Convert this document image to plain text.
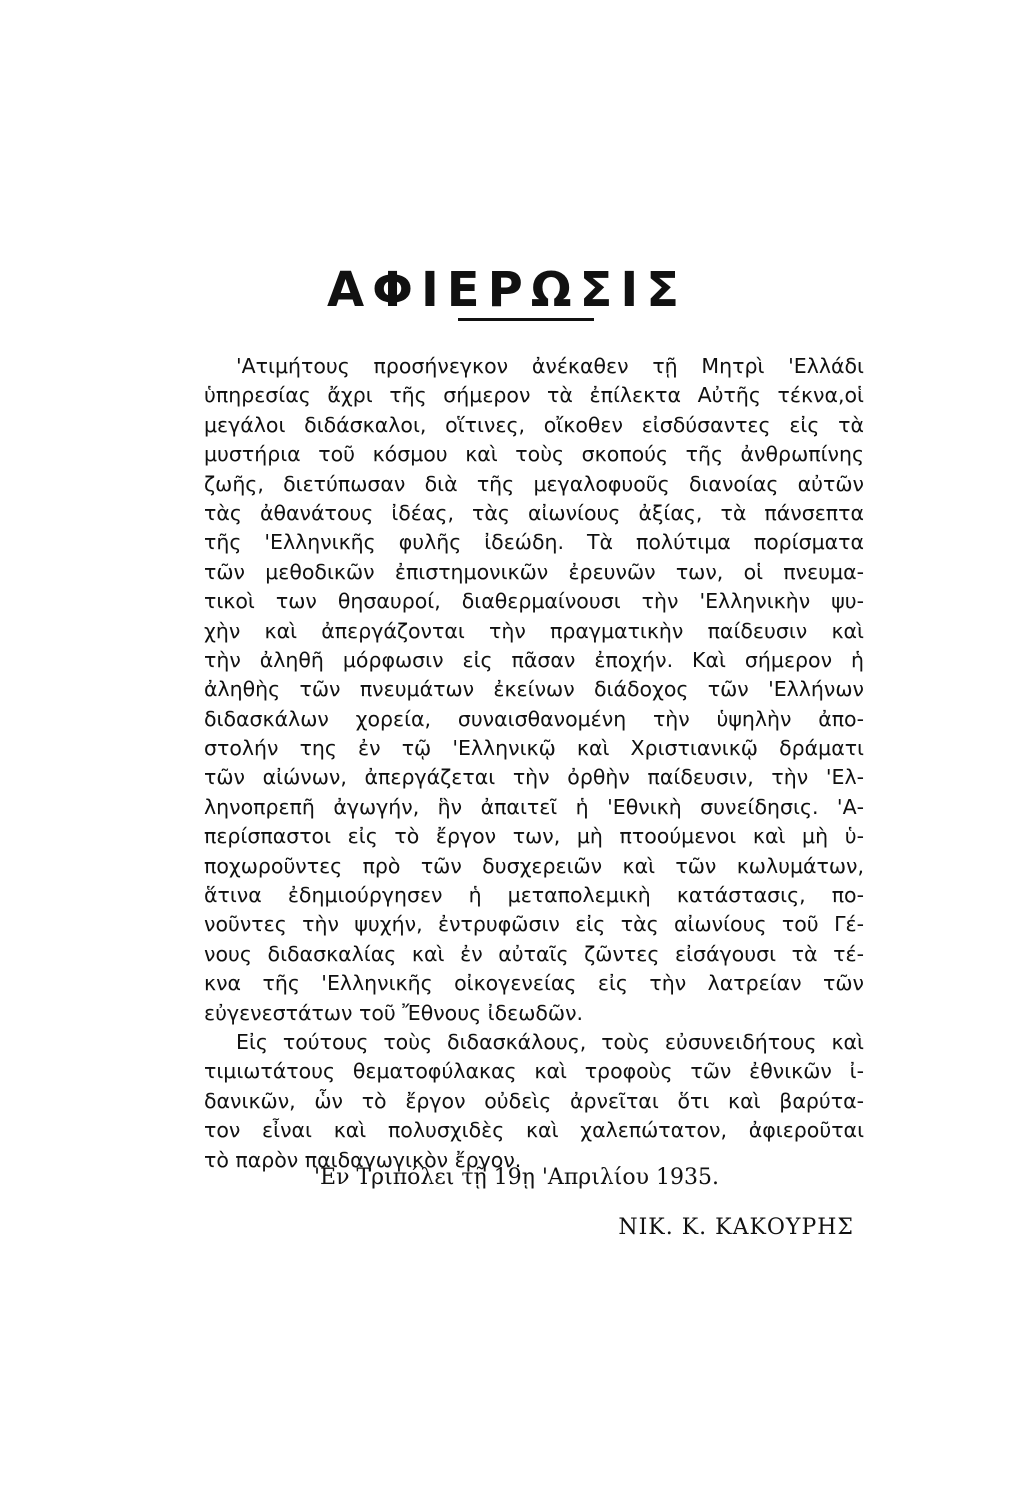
ΑΦΙΕΡΩΣΙΣ
'Ατιμήτους προσήνεγκον ἀνέκαθεν τῇ Μητρὶ 'Ελλάδι
ὑπηρεσίας ἄχρι τῆς σήμερον τὰ ἐπίλεκτα Αὐτῆς τέκνα,οἱ
μεγάλοι διδάσκαλοι, οἵτινες, οἴκοθεν εἰσδύσαντες εἰς τὰ
μυστήρια τοῦ κόσμου καὶ τοὺς σκοπούς τῆς ἀνθρωπίνης
ζωῆς, διετύπωσαν διὰ τῆς μεγαλοφυοῦς διανοίας αὐτῶν
τὰς ἀθανάτους ἰδέας, τὰς αἰωνίους ἀξίας, τὰ πάνσεπτα
τῆς 'Ελληνικῆς φυλῆς ἰδεώδη. Τὰ πολύτιμα πορίσματα
τῶν μεθοδικῶν ἐπιστημονικῶν ἐρευνῶν των, οἱ πνευμα-
τικοὶ των θησαυροί, διαθερμαίνουσι τὴν 'Ελληνικὴν ψυ-
χὴν καὶ ἀπεργάζονται τὴν πραγματικὴν παίδευσιν καὶ
τὴν ἀληθῆ μόρφωσιν εἰς πᾶσαν ἐποχήν. Καὶ σήμερον ἡ
ἀληθὴς τῶν πνευμάτων ἐκείνων διάδοχος τῶν 'Ελλήνων
διδασκάλων χορεία, συναισθανομένη τὴν ὑψηλὴν ἀπο-
στολήν της ἐν τῷ 'Ελληνικῷ καὶ Χριστιανικῷ δράματι
τῶν αἰώνων, ἀπεργάζεται τὴν ὀρθὴν παίδευσιν, τὴν 'Ελ-
ληνοπρεπῆ ἀγωγήν, ἣν ἀπαιτεῖ ἡ 'Εθνικὴ συνείδησις. 'Α-
περίσπαστοι εἰς τὸ ἔργον των, μὴ πτοούμενοι καὶ μὴ ὑ-
ποχωροῦντες πρὸ τῶν δυσχερειῶν καὶ τῶν κωλυμάτων,
ἅτινα ἐδημιούργησεν ἡ μεταπολεμικὴ κατάστασις, πο-
νοῦντες τὴν ψυχήν, ἐντρυφῶσιν εἰς τὰς αἰωνίους τοῦ Γέ-
νους διδασκαλίας καὶ ἐν αὐταῖς ζῶντες εἰσάγουσι τὰ τέ-
κνα τῆς 'Ελληνικῆς οἰκογενείας εἰς τὴν λατρείαν τῶν
εὐγενεστάτων τοῦ Ἔθνους ἰδεωδῶν.
Εἰς τούτους τοὺς διδασκάλους, τοὺς εὐσυνειδήτους καὶ
τιμιωτάτους θεματοφύλακας καὶ τροφοὺς τῶν ἐθνικῶν ἰ-
δανικῶν, ὧν τὸ ἔργον οὐδεὶς ἀρνεῖται ὅτι καὶ βαρύτα-
τον εἶναι καὶ πολυσχιδὲς καὶ χαλεπώτατον, ἀφιεροῦται
τὸ παρὸν παιδαγωγικὸν ἔργον.
'Εν Τριπόλει τῇ 19ῃ 'Απριλίου 1935.
ΝΙΚ. Κ. ΚΑΚΟΥΡΗΣ
